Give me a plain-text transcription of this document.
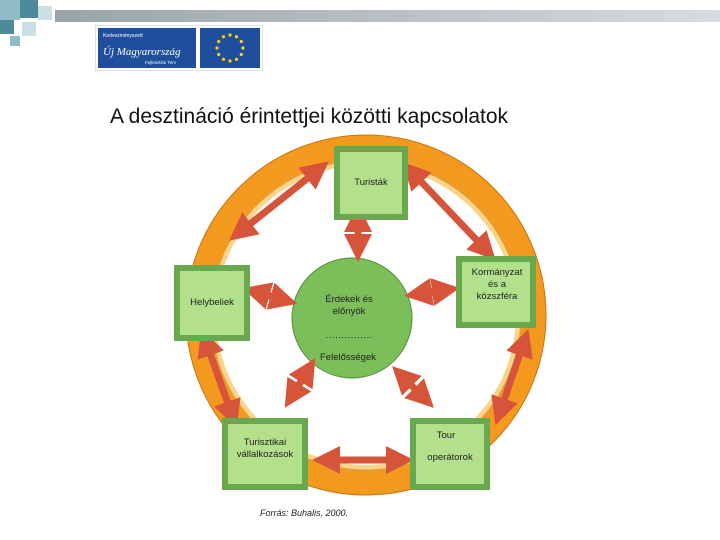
Kedvezményezett
Új Magyarország
Fejlesztési Terv
A desztináció érintettjei közötti kapcsolatok
Turisták
Helybeliek
Kormányzat és a közszféra
Turisztikai vállalkozások
Tour
operátorok
Érdekek és előnyök
……………
Felelősségek
Forrás: Buhalis, 2000.
